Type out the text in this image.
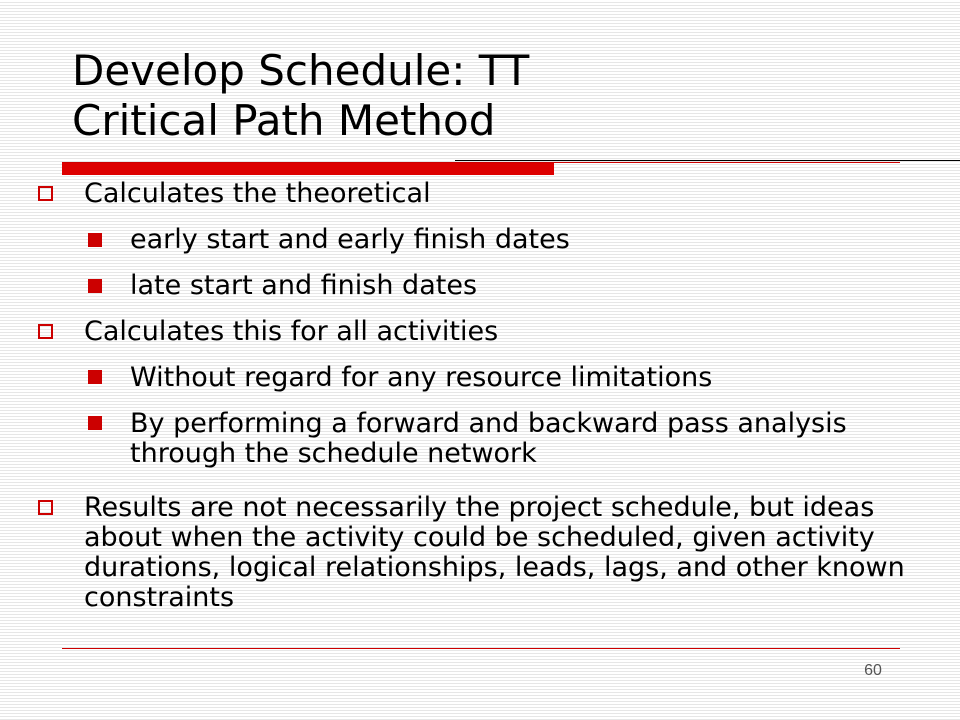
Develop Schedule: TT
Critical Path Method
Calculates the theoretical
early start and early finish dates
late start and finish dates
Calculates this for all activities
Without regard for any resource limitations
By performing a forward and backward pass analysis through the schedule network
Results are not necessarily the project schedule, but ideas about when the activity could be scheduled, given activity durations, logical relationships, leads, lags, and other known constraints
60
